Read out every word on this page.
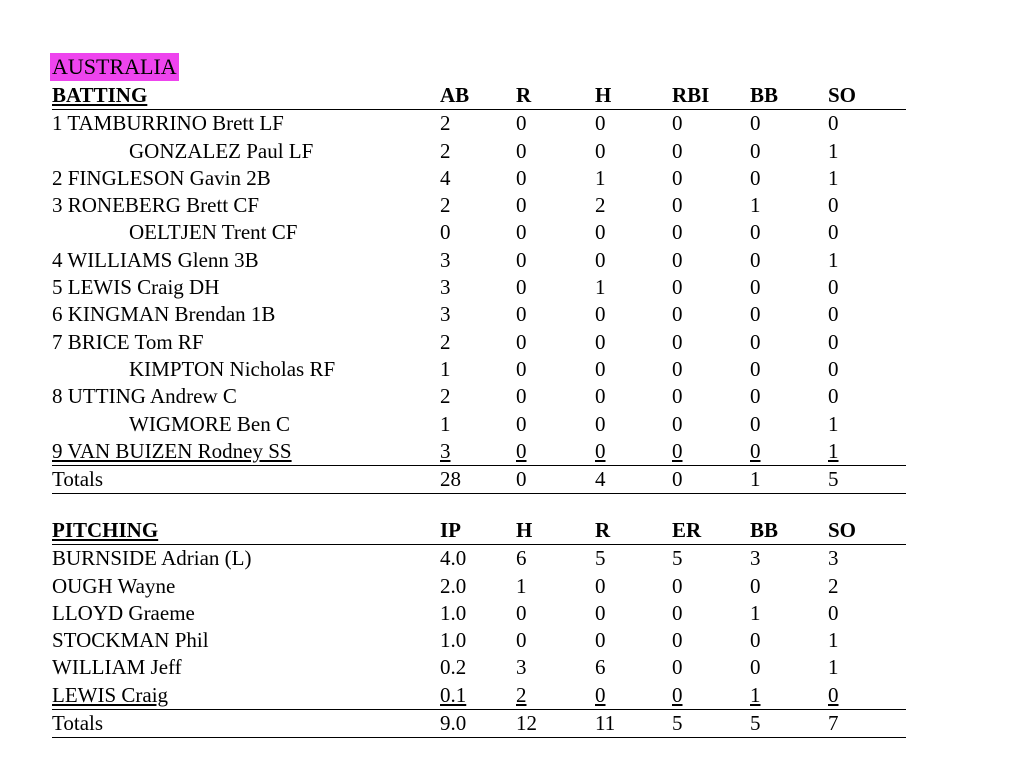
AUSTRALIA
BATTING	AB R	H	RBI BB SO
1 TAMBURRINO Brett LF	2	0	0	0	0	0
GONZALEZ Paul LF	2	0	0	0	0	1
2 FINGLESON Gavin 2B	4	0	1	0	0	1
3 RONEBERG Brett CF	2	0	2	0	1	0
OELTJEN Trent CF	0	0	0	0	0	0
4 WILLIAMS Glenn 3B	3	0	0	0	0	1
5 LEWIS Craig DH	3	0	1	0	0	0
6 KINGMAN Brendan 1B	3	0	0	0	0	0
7 BRICE Tom RF	2	0	0	0	0	0
KIMPTON Nicholas RF	1	0	0	0	0	0
8 UTTING Andrew C	2	0	0	0	0	0
WIGMORE Ben C	1	0	0	0	0	1
9 VAN BUIZEN Rodney SS	3	0	0	0	0	1
Totals	28	0	4	0	1	5
PITCHING	IP	H	R	ER BB SO
BURNSIDE Adrian (L)	4.0 6	5	5	3	3
OUGH Wayne	2.0 1	0	0	0	2
LLOYD Graeme	1.0 0	0	0	1	0
STOCKMAN Phil	1.0 0	0	0	0	1
WILLIAM Jeff	0.2 3	6	0	0	1
LEWIS Craig	0.1 2	0	0	1	0
Totals	9.0 12	11	5	5	7
